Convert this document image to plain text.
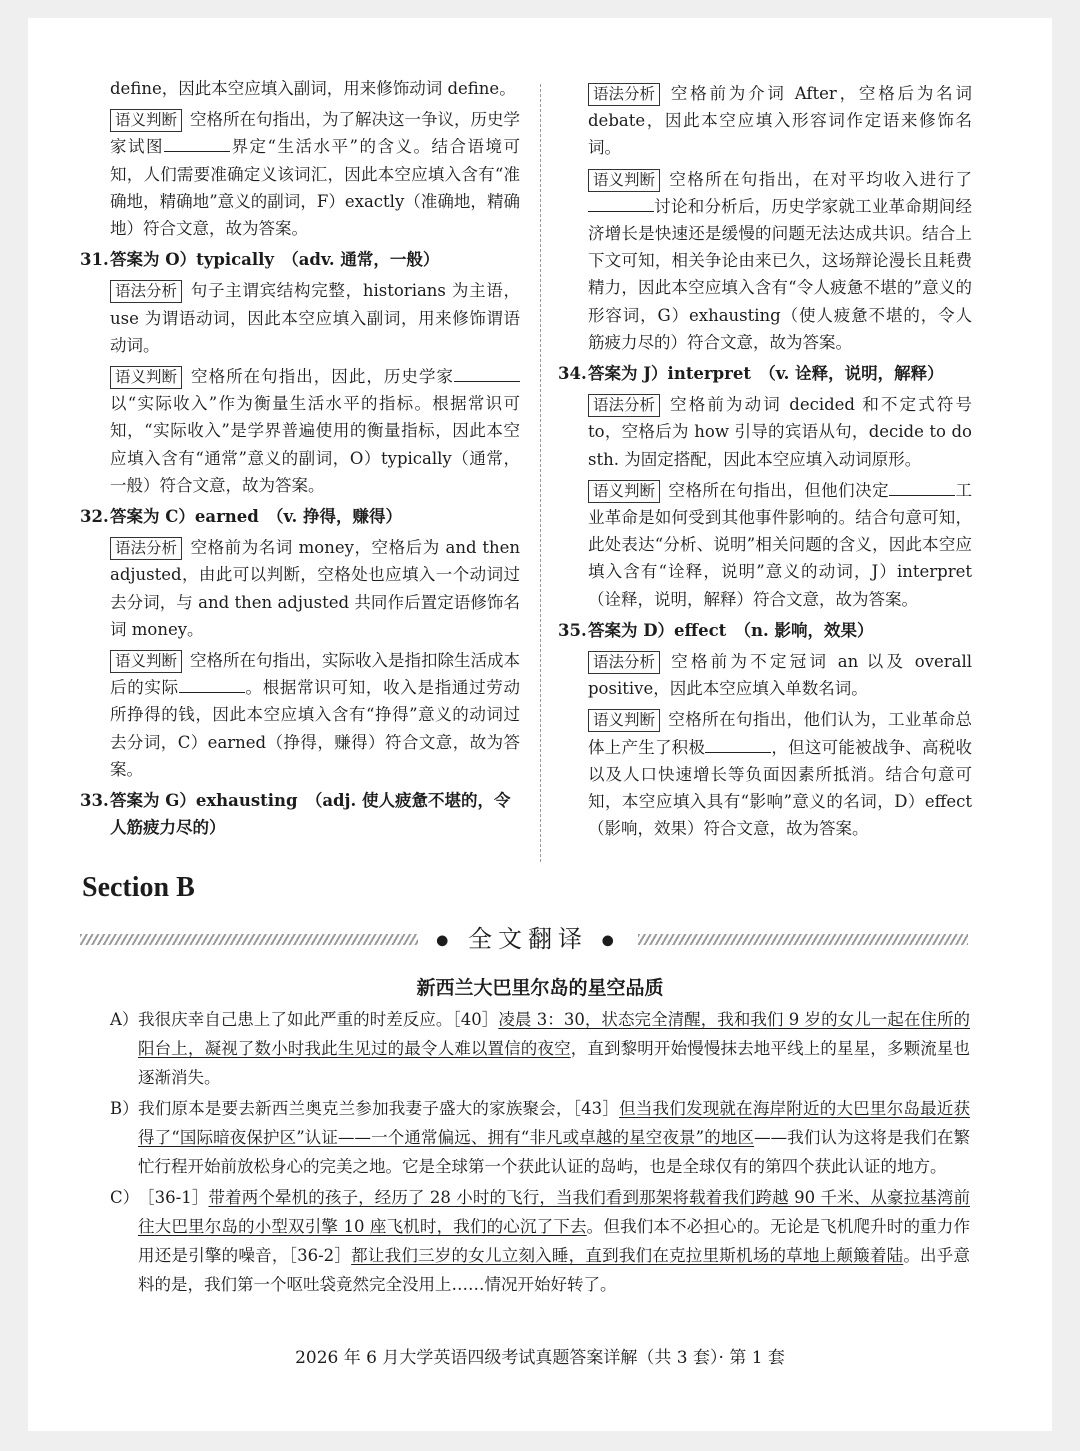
define，因此本空应填入副词，用来修饰动词 define。
语义判断 空格所在句指出，为了解决这一争议，历史学家试图	界定“生活水平”的含义。结合语境可知，人们需要准确定义该词汇，因此本空应填入含有“准确地，精确地”意义的副词，F）exactly（准确地，精确地）符合文意，故为答案。
31. 答案为 O）typically　（adv. 通常，一般）
语法分析 句子主谓宾结构完整，historians 为主语，use 为谓语动词，因此本空应填入副词，用来修饰谓语动词。
语义判断 空格所在句指出，因此，历史学家以“实际收入”作为衡量生活水平的指标。根据常识可知，“实际收入”是学界普遍使用的衡量指标，因此本空应填入含有“通常”意义的副词，O）typically（通常，一般）符合文意，故为答案。
32. 答案为 C）earned　（v. 挣得，赚得）
语法分析 空格前为名词 money，空格后为 and then adjusted，由此可以判断，空格处也应填入一个动词过去分词，与 and then adjusted 共同作后置定语修饰名词 money。
语义判断 空格所在句指出，实际收入是指扣除生活成本后的实际	。根据常识可知，收入是指通过劳动所挣得的钱，因此本空应填入含有“挣得”意义的动词过去分词，C）earned（挣得，赚得）符合文意，故为答案。
33. 答案为 G）exhausting　（adj. 使人疲惫不堪的，令人筋疲力尽的）
语法分析 空格前为介词 After，空格后为名词 debate，因此本空应填入形容词作定语来修饰名词。
语义判断 空格所在句指出，在对平均收入进行了讨论和分析后，历史学家就工业革命期间经济增长是快速还是缓慢的问题无法达成共识。结合上下文可知，相关争论由来已久，这场辩论漫长且耗费精力，因此本空应填入含有“令人疲惫不堪的”意义的形容词，G）exhausting（使人疲惫不堪的，令人筋疲力尽的）符合文意，故为答案。
34. 答案为 J）interpret　（v. 诠释，说明，解释）
语法分析 空格前为动词 decided 和不定式符号 to，空格后为 how 引导的宾语从句，decide to do sth. 为固定搭配，因此本空应填入动词原形。
语义判断 空格所在句指出，但他们决定	工业革命是如何受到其他事件影响的。结合句意可知，此处表达“分析、说明”相关问题的含义，因此本空应填入含有“诠释，说明”意义的动词，J）interpret（诠释，说明，解释）符合文意，故为答案。
35. 答案为 D）effect　（n. 影响，效果）
语法分析 空格前为不定冠词 an 以及 overall positive，因此本空应填入单数名词。
语义判断 空格所在句指出，他们认为，工业革命总体上产生了积极	，但这可能被战争、高税收以及人口快速增长等负面因素所抵消。结合句意可知，本空应填入具有“影响”意义的名词，D）effect（影响，效果）符合文意，故为答案。
Section B
● 全文翻译 ●
新西兰大巴里尔岛的星空品质

A） 我很庆幸自己患上了如此严重的时差反应。［40］凌晨 3：30，状态完全清醒，我和我们 9 岁的女儿一起在住所的阳台上，凝视了数小时我此生见过的最令人难以置信的夜空，直到黎明开始慢慢抹去地平线上的星星，多颗流星也逐渐消失。

B） 我们原本是要去新西兰奥克兰参加我妻子盛大的家族聚会，［43］但当我们发现就在海岸附近的大巴里尔岛最近获得了“国际暗夜保护区”认证——一个通常偏远、拥有“非凡或卓越的星空夜景”的地区——我们认为这将是我们在繁忙行程开始前放松身心的完美之地。它是全球第一个获此认证的岛屿，也是全球仅有的第四个获此认证的地方。

C）
［36-1］带着两个晕机的孩子，经历了 28 小时的飞行，当我们看到那架将载着我们跨越 90 千米、从豪拉基湾前往大巴里尔岛的小型双引擎 10 座飞机时，我们的心沉了下去。但我们本不必担心的。无论是飞机爬升时的重力作用还是引擎的噪音，［36-2］都让我们三岁的女儿立刻入睡，直到我们在克拉里斯机场的草地上颠簸着陆。出乎意料的是，我们第一个呕吐袋竟然完全没用上……情况开始好转了。

2026 年 6 月大学英语四级考试真题答案详解（共 3 套）· 第 1 套
